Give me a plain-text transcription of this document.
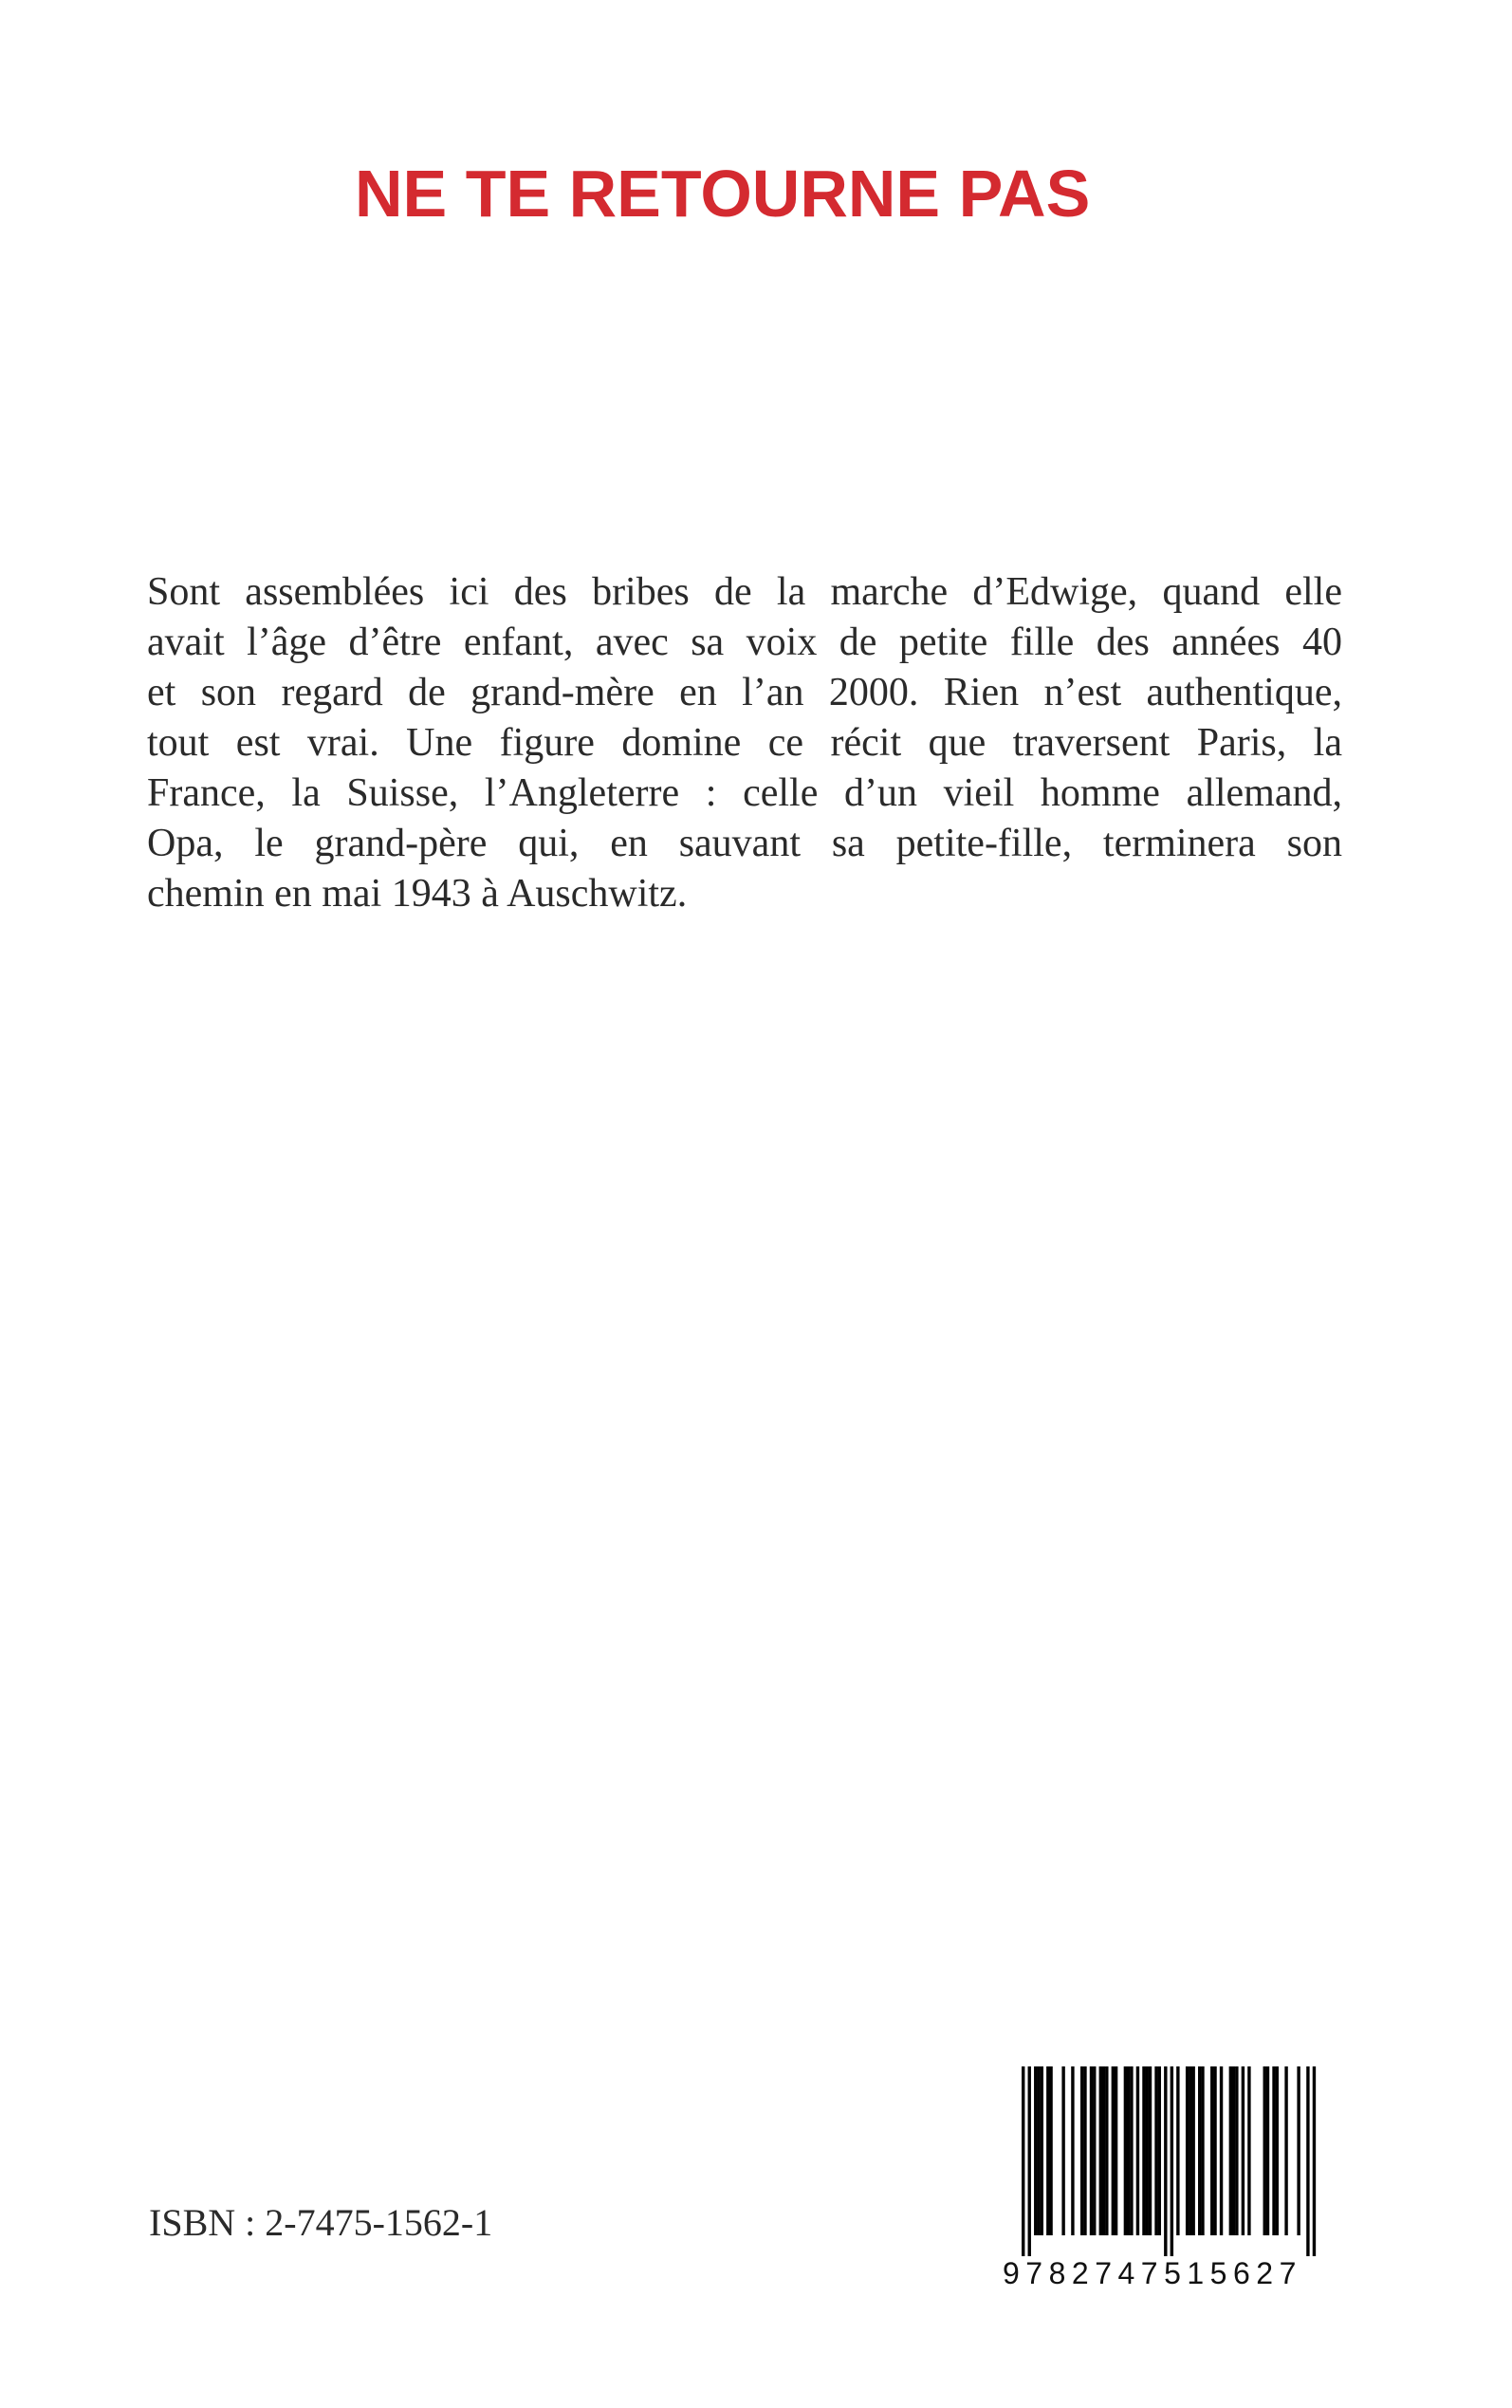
NE TE RETOURNE PAS
Sont assemblées ici des bribes de la marche d’Edwige, quand elle
avait l’âge d’être enfant, avec sa voix de petite fille des années 40
et son regard de grand-mère en l’an 2000. Rien n’est authentique,
tout est vrai. Une figure domine ce récit que traversent Paris, la
France, la Suisse, l’Angleterre : celle d’un vieil homme allemand,
Opa, le grand-père qui, en sauvant sa petite-fille, terminera son
chemin en mai 1943 à Auschwitz.
ISBN : 2-7475-1562-1
9782747515627
